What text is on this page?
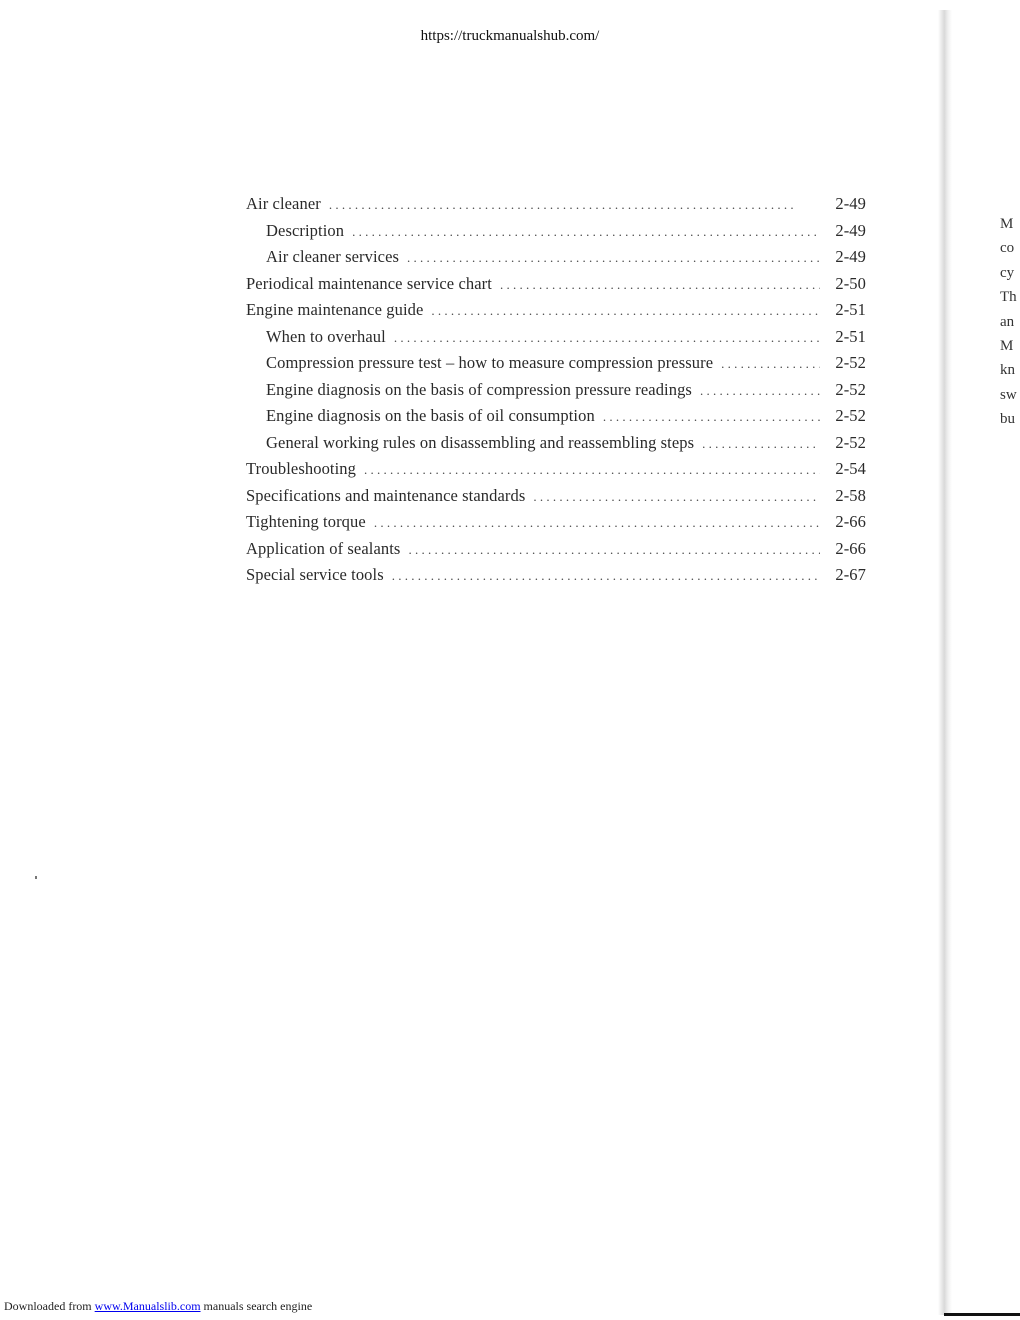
https://truckmanualshub.com/
Air cleaner . . .	2-49
Description . . .	2-49
Air cleaner services . . .	2-49
Periodical maintenance service chart . . .	2-50
Engine maintenance guide . . .	2-51
When to overhaul . . .	2-51
Compression pressure test – how to measure compression pressure . . .	2-52
Engine diagnosis on the basis of compression pressure readings . . .	2-52
Engine diagnosis on the basis of oil consumption . . .	2-52
General working rules on disassembling and reassembling steps . . .	2-52
Troubleshooting . . .	2-54
Specifications and maintenance standards . . .	2-58
Tightening torque . . .	2-66
Application of sealants . . .	2-66
Special service tools . . .	2-67
M
co
cy
Th
an
M
kn
sw
bu
Downloaded from www.Manualslib.com manuals search engine
